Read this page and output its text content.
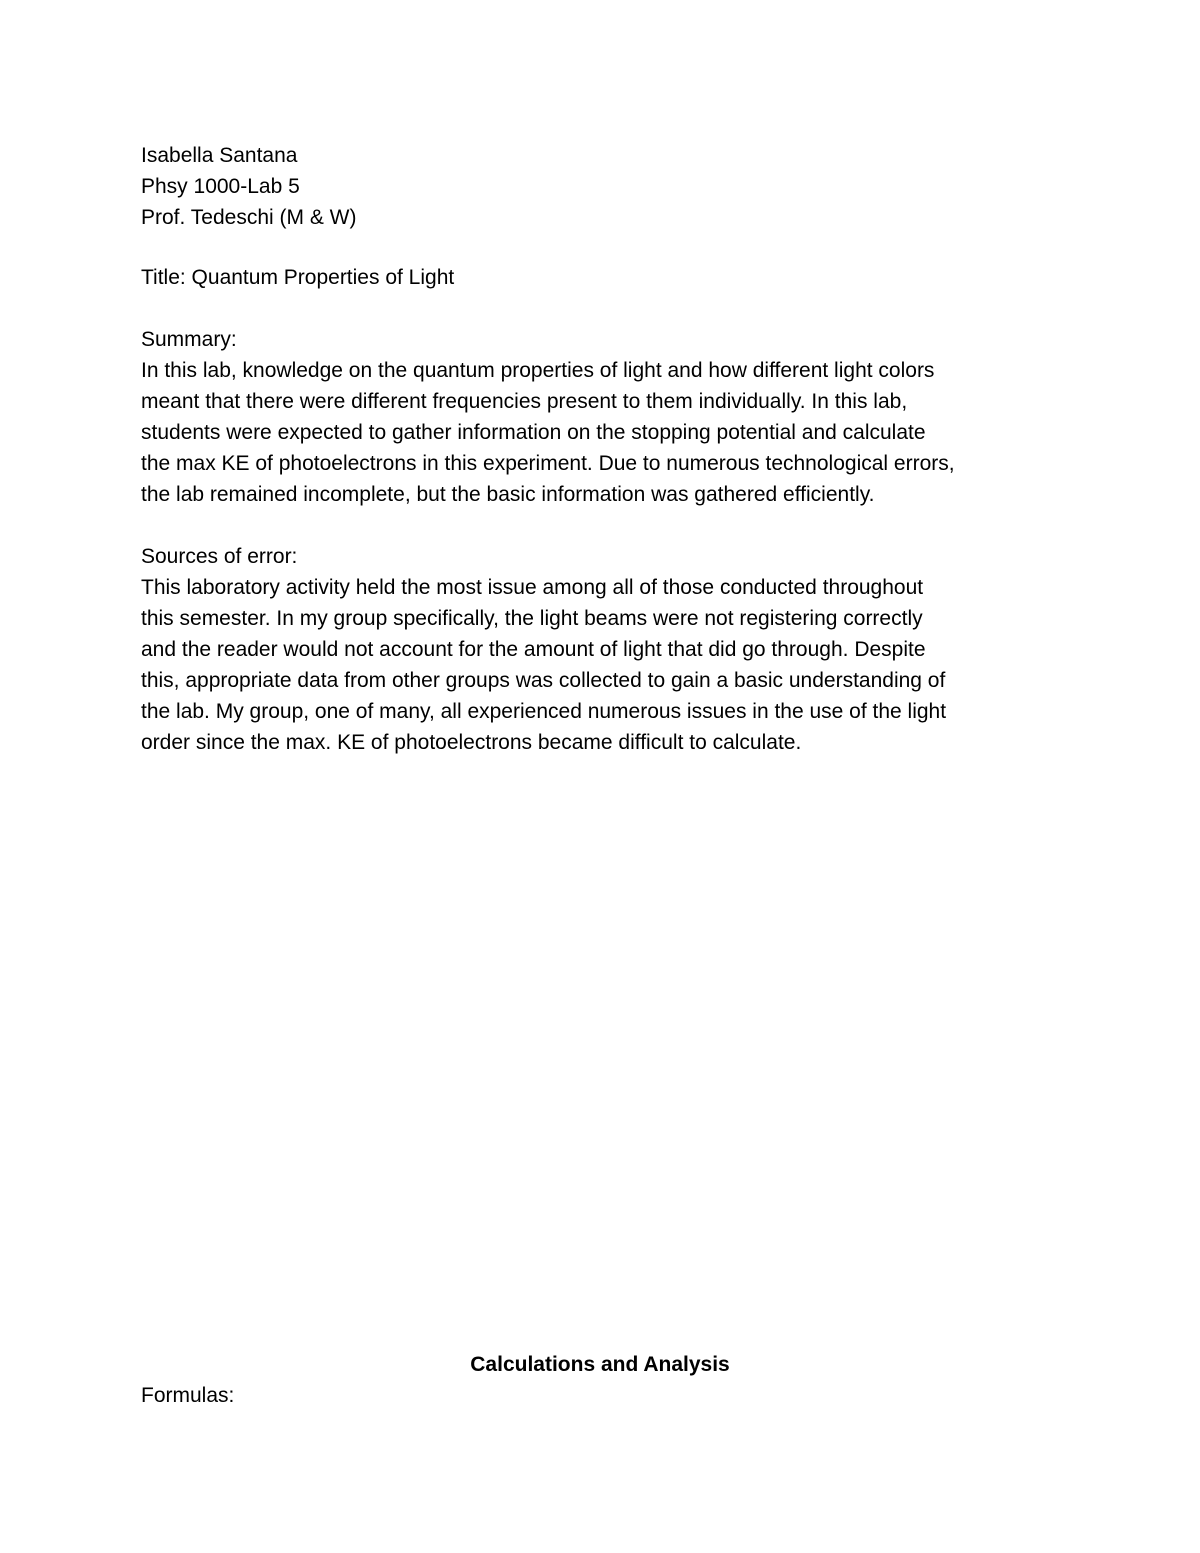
Isabella Santana
Phsy 1000-Lab 5
Prof. Tedeschi (M & W)
Title: Quantum Properties of Light
Summary:
In this lab, knowledge on the quantum properties of light and how different light colors
meant that there were different frequencies present to them individually. In this lab,
students were expected to gather information on the stopping potential and calculate
the max KE of photoelectrons in this experiment. Due to numerous technological errors,
the lab remained incomplete, but the basic information was gathered efficiently.
Sources of error:
This laboratory activity held the most issue among all of those conducted throughout
this semester. In my group specifically, the light beams were not registering correctly
and the reader would not account for the amount of light that did go through. Despite
this, appropriate data from other groups was collected to gain a basic understanding of
the lab. My group, one of many, all experienced numerous issues in the use of the light
order since the max. KE of photoelectrons became difficult to calculate.
Calculations and Analysis
Formulas:
